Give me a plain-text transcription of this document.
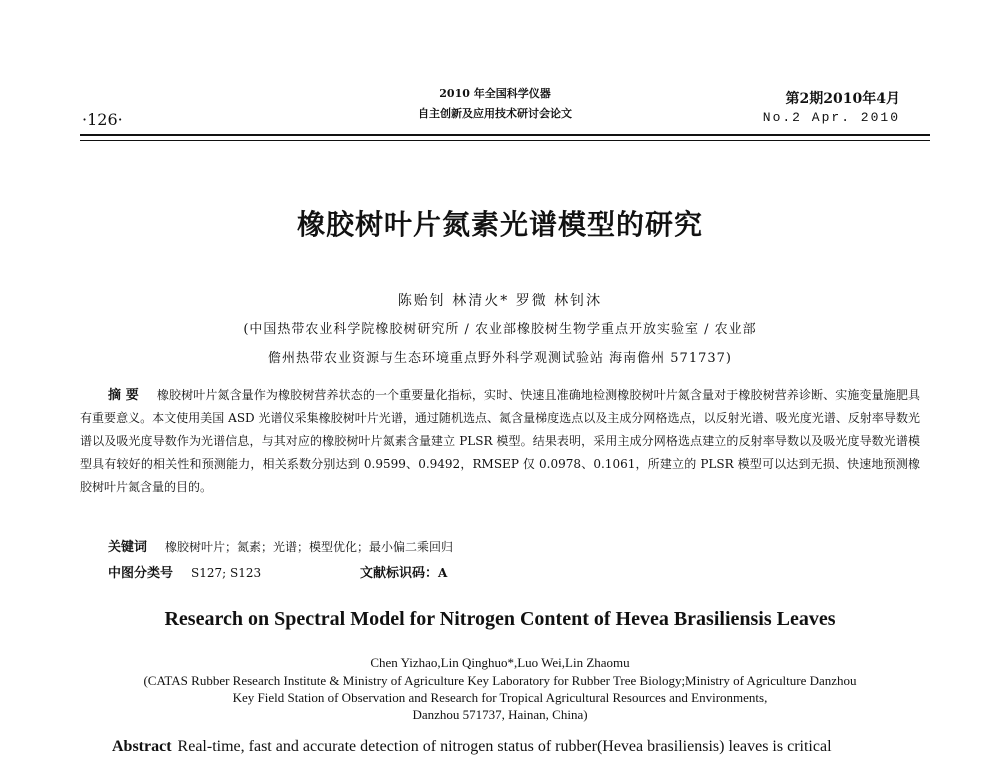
·126·
2010 年全国科学仪器
自主创新及应用技术研讨会论文
第2期2010年4月
No.2 Apr. 2010
橡胶树叶片氮素光谱模型的研究
陈贻钊 林清火* 罗微 林钊沐
(中国热带农业科学院橡胶树研究所 / 农业部橡胶树生物学重点开放实验室 / 农业部
儋州热带农业资源与生态环境重点野外科学观测试验站 海南儋州 571737)
摘 要 橡胶树叶片氮含量作为橡胶树营养状态的一个重要量化指标，实时、快速且准确地检测橡胶树叶片氮含量对于橡胶树营养诊断、实施变量施肥具有重要意义。本文使用美国 ASD 光谱仪采集橡胶树叶片光谱，通过随机选点、氮含量梯度选点以及主成分网格选点，以反射光谱、吸光度光谱、反射率导数光谱以及吸光度导数作为光谱信息，与其对应的橡胶树叶片氮素含量建立 PLSR 模型。结果表明，采用主成分网格选点建立的反射率导数以及吸光度导数光谱模型具有较好的相关性和预测能力，相关系数分别达到 0.9599、0.9492，RMSEP 仅 0.0978、0.1061，所建立的 PLSR 模型可以达到无损、快速地预测橡胶树叶片氮含量的目的。
关键词 橡胶树叶片；氮素；光谱；模型优化；最小偏二乘回归
中图分类号 S127; S123	文献标识码：A
Research on Spectral Model for Nitrogen Content of Hevea Brasiliensis Leaves
Chen Yizhao,Lin Qinghuo*,Luo Wei,Lin Zhaomu
(CATAS Rubber Research Institute & Ministry of Agriculture Key Laboratory for Rubber Tree Biology;Ministry of Agriculture Danzhou
Key Field Station of Observation and Research for Tropical Agricultural Resources and Environments,
Danzhou 571737, Hainan, China)
Abstract Real-time, fast and accurate detection of nitrogen status of rubber(Hevea brasiliensis) leaves is critical
